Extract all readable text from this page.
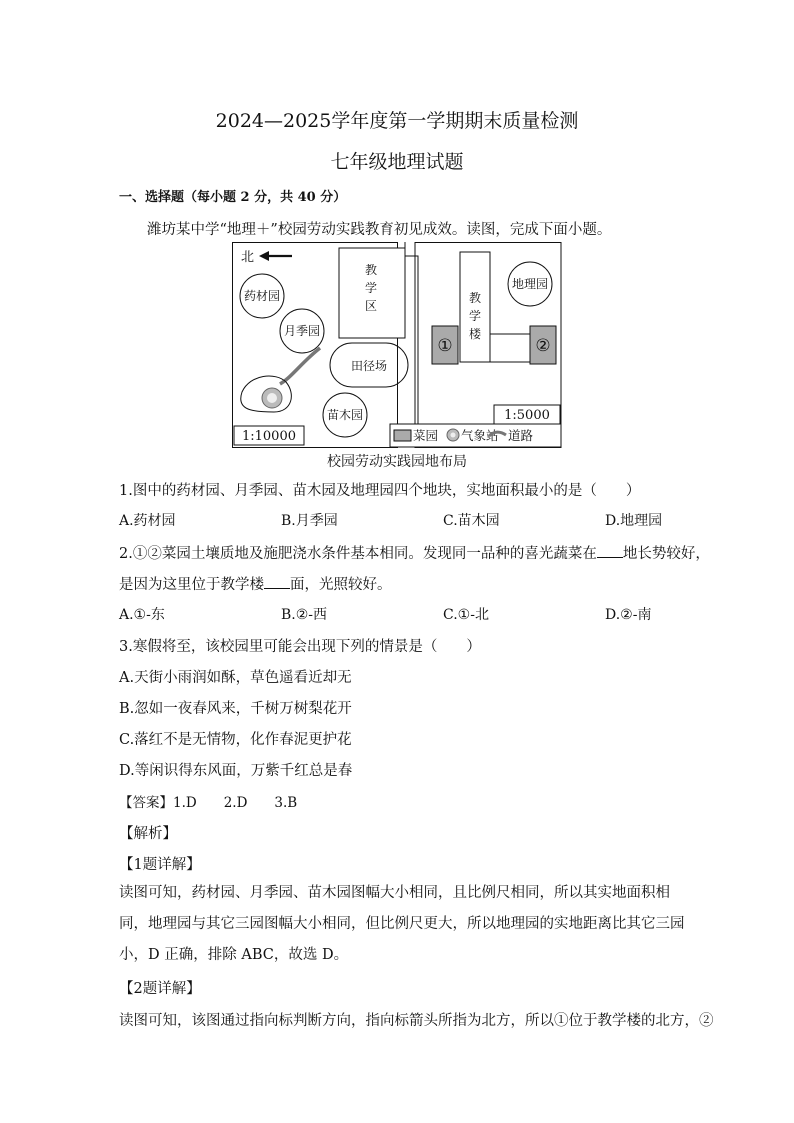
2024—2025学年度第一学期期末质量检测
七年级地理试题
一、选择题（每小题 2 分，共 40 分）
潍坊某中学“地理＋”校园劳动实践教育初见成效。读图，完成下面小题。
北
药材园
月季园
教
学
区
田径场
苗木园
1:10000
教
学
楼
①	②
地理园
1:5000
菜园 气象站 道路
校园劳动实践园地布局
1.图中的药材园、月季园、苗木园及地理园四个地块，实地面积最小的是（　　）
A.药材园	B.月季园	C.苗木园	D.地理园
2.①②菜园土壤质地及施肥浇水条件基本相同。发现同一品种的喜光蔬菜在 地长势较好，
是因为这里位于教学楼 面，光照较好。
A.①-东	B.②-西	C.①-北	D.②-南
3.寒假将至，该校园里可能会出现下列的情景是（　　）
A.天街小雨润如酥，草色遥看近却无
B.忽如一夜春风来，千树万树梨花开
C.落红不是无情物，化作春泥更护花
D.等闲识得东风面，万紫千红总是春
【答案】1.D　　2.D　　3.B
【解析】
【1题详解】
读图可知，药材园、月季园、苗木园图幅大小相同，且比例尺相同，所以其实地面积相同，地理园与其它三园图幅大小相同，但比例尺更大，所以地理园的实地距离比其它三园小，D 正确，排除 ABC，故选 D。
【2题详解】
读图可知，该图通过指向标判断方向，指向标箭头所指为北方，所以①位于教学楼的北方，②
